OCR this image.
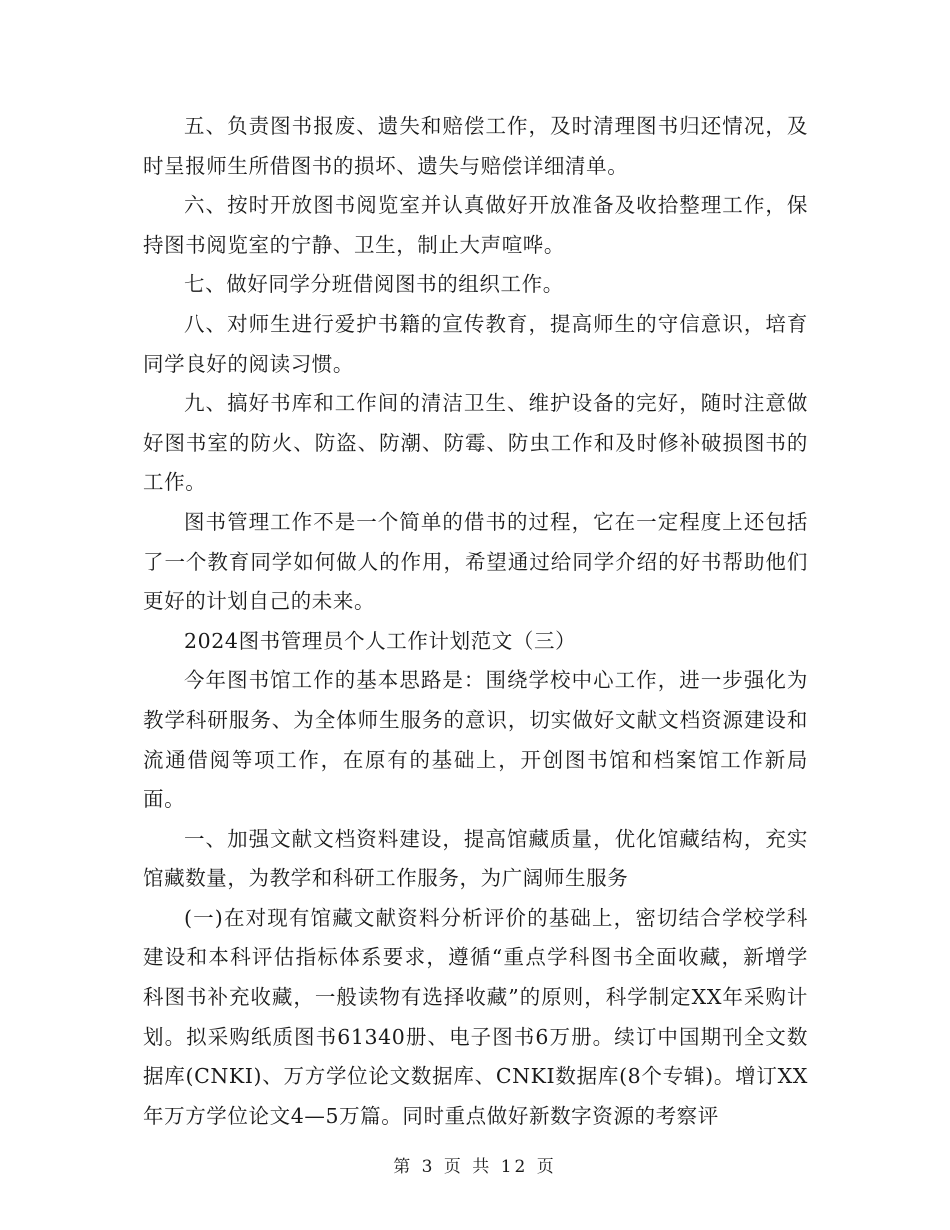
五、负责图书报废、遗失和赔偿工作，及时清理图书归还情况，及时呈报师生所借图书的损坏、遗失与赔偿详细清单。

六、按时开放图书阅览室并认真做好开放准备及收拾整理工作，保持图书阅览室的宁静、卫生，制止大声喧哗。

七、做好同学分班借阅图书的组织工作。

八、对师生进行爱护书籍的宣传教育，提高师生的守信意识，培育同学良好的阅读习惯。

九、搞好书库和工作间的清洁卫生、维护设备的完好，随时注意做好图书室的防火、防盗、防潮、防霉、防虫工作和及时修补破损图书的工作。

图书管理工作不是一个简单的借书的过程，它在一定程度上还包括了一个教育同学如何做人的作用，希望通过给同学介绍的好书帮助他们更好的计划自己的未来。

2024图书管理员个人工作计划范文（三）

今年图书馆工作的基本思路是：围绕学校中心工作，进一步强化为教学科研服务、为全体师生服务的意识，切实做好文献文档资源建设和流通借阅等项工作，在原有的基础上，开创图书馆和档案馆工作新局面。

一、加强文献文档资料建设，提高馆藏质量，优化馆藏结构，充实馆藏数量，为教学和科研工作服务，为广阔师生服务

(一)在对现有馆藏文献资料分析评价的基础上，密切结合学校学科建设和本科评估指标体系要求，遵循“重点学科图书全面收藏，新增学科图书补充收藏，一般读物有选择收藏”的原则，科学制定XX年采购计划。拟采购纸质图书61340册、电子图书6万册。续订中国期刊全文数据库(CNKI)、万方学位论文数据库、CNKI数据库(8个专辑)。增订XX年万方学位论文4—5万篇。同时重点做好新数字资源的考察评

第 3 页 共 12 页
